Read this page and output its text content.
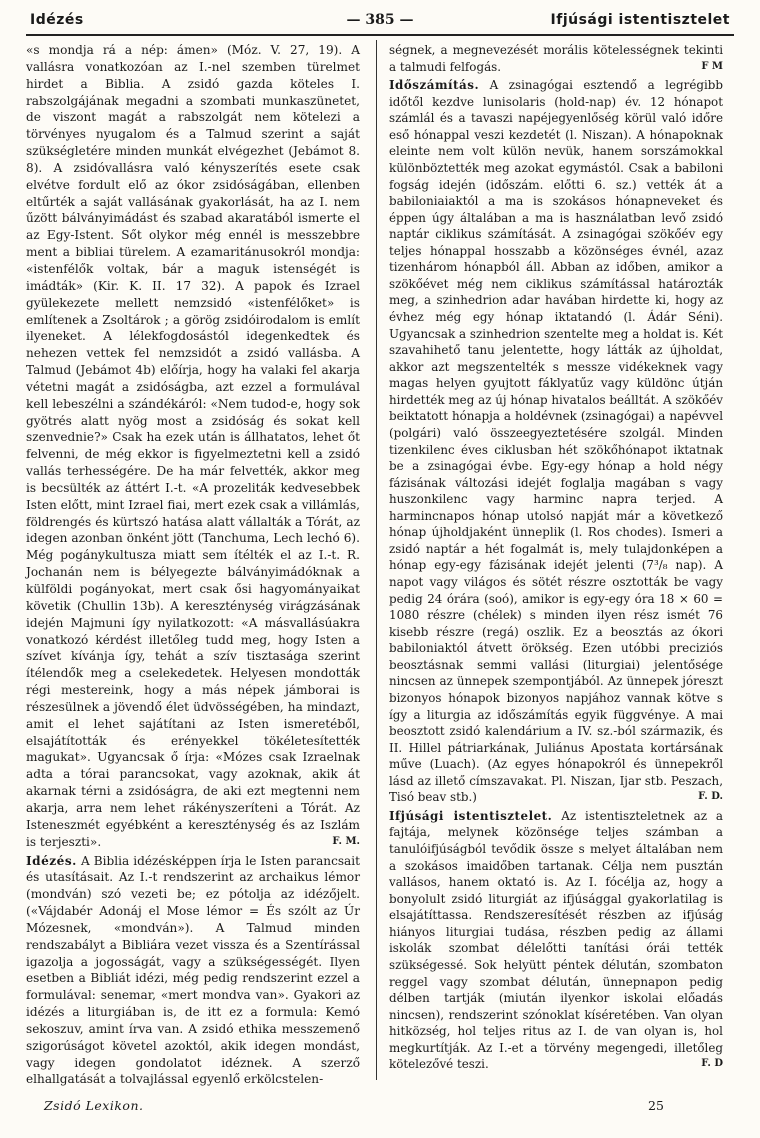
Idézés	— 385 —	Ifjúsági istentisztelet

«s mondja rá a nép: ámen» (Móz. V. 27, 19). A vallásra vonatkozóan az I.-nel szemben türelmet hirdet a Biblia. A zsidó gazda köteles I. rabszolgájának megadni a szombati munkaszünetet, de viszont magát a rabszolgát nem kötelezi a törvényes nyugalom és a Talmud szerint a saját szükségletére minden munkát elvégezhet (Jebámot 8. 8). A zsidóvallásra való kényszerítés esete csak elvétve fordult elő az ókor zsidóságában, ellenben eltűrték a saját vallásának gyakorlását, ha az I. nem űzött bálványimádást és szabad akaratából ismerte el az Egy-Istent. Sőt olykor még ennél is messzebbre ment a bibliai türelem. A ezamaritánusokról mondja: «istenfélők voltak, bár a maguk istenségét is imádták» (Kir. K. II. 17 32). A papok és Izrael gyülekezete mellett nemzsidó «istenfélőket» is említenek a Zsoltárok ; a görög zsidóirodalom is említ ilyeneket. A lélekfogdosástól idegenkedtek és nehezen vettek fel nemzsidót a zsidó vallásba. A Talmud (Jebámot 4b) előírja, hogy ha valaki fel akarja vétetni magát a zsidóságba, azt ezzel a formulával kell lebeszélni a szándékáról: «Nem tudod-e, hogy sok gyötrés alatt nyög most a zsidóság és sokat kell szenvednie?» Csak ha ezek után is állhatatos, lehet őt felvenni, de még ekkor is figyelmeztetni kell a zsidó vallás terhességére. De ha már felvették, akkor meg is becsülték az áttért I.-t. «A prozeliták kedvesebbek Isten előtt, mint Izrael fiai, mert ezek csak a villámlás, földrengés és kürtszó hatása alatt vállalták a Tórát, az idegen azonban önként jött (Tanchuma, Lech lechó 6). Még pogánykultusza miatt sem ítélték el az I.-t. R. Jochanán nem is bélyegezte bálványimádóknak a külföldi pogányokat, mert csak ősi hagyományaikat követik (Chullin 13b). A kereszténység virágzásának idején Majmuni így nyilatkozott: «A másvallásúakra vonatkozó kérdést illetőleg tudd meg, hogy Isten a szívet kívánja így, tehát a szív tisztasága szerint ítélendők meg a cselekedetek. Helyesen mondották régi mestereink, hogy a más népek jámborai is részesülnek a jövendő élet üdvösségében, ha mindazt, amit el lehet sajátítani az Isten ismeretéből, elsajátították és erényekkel tökéletesítették magukat». Ugyancsak ő írja: «Mózes csak Izraelnak adta a tórai parancsokat, vagy azoknak, akik át akarnak térni a zsidóságra, de aki ezt megtenni nem akarja, arra nem lehet rákényszeríteni a Tórát. Az Isteneszmét egyébként a kereszténység és az Iszlám is terjeszti».	F. M.

Idézés. A Biblia idézésképpen írja le Isten parancsait és utasításait. Az I.-t rendszerint az archaikus lémor (mondván) szó vezeti be; ez pótolja az idézőjelt. («Vájdabér Adonáj el Mose lémor = És szólt az Úr Mózesnek, «mondván»). A Talmud minden rendszabályt a Bibliára vezet vissza és a Szentírással igazolja a jogosságát, vagy a szükségességét. Ilyen esetben a Bibliát idézi, még pedig rendszerint ezzel a formulával: senemar, «mert mondva van». Gyakori az idézés a liturgiában is, de itt ez a formula: Kemó sekoszuv, amint írva van. A zsidó ethika messzemenő szigorúságot követel azoktól, akik idegen mondást, vagy idegen gondolatot idéznek. A szerző elhallgatását a tolvajlással egyenlő erkölcstelen-

ségnek, a megnevezését morális kötelességnek tekinti a talmudi felfogás.	F M

Időszámítás. A zsinagógai esztendő a legrégibb időtől kezdve lunisolaris (hold-nap) év. 12 hónapot számlál és a tavaszi napéjegyenlőség körül való időre eső hónappal veszi kezdetét (l. Niszan). A hónapoknak eleinte nem volt külön nevük, hanem sorszámokkal különböztették meg azokat egymástól. Csak a babiloni fogság idején (időszám. előtti 6. sz.) vették át a babiloniaiaktól a ma is szokásos hónapneveket és éppen úgy általában a ma is használatban levő zsidó naptár ciklikus számítását. A zsinagógai szökőév egy teljes hónappal hosszabb a közönséges évnél, azaz tizenhárom hónapból áll. Abban az időben, amikor a szökőévet még nem ciklikus számítással határozták meg, a szinhedrion adar havában hirdette ki, hogy az évhez még egy hónap iktatandó (l. Ádár Séni). Ugyancsak a szinhedrion szentelte meg a holdat is. Két szavahihető tanu jelentette, hogy látták az újholdat, akkor azt megszentelték s messze vidékeknek vagy magas helyen gyujtott fáklyatűz vagy küldönc útján hirdették meg az új hónap hivatalos beálltát. A szökőév beiktatott hónapja a holdévnek (zsinagógai) a napévvel (polgári) való összeegyeztetésére szolgál. Minden tizenkilenc éves ciklusban hét szökőhónapot iktatnak be a zsinagógai évbe. Egy-egy hónap a hold négy fázisának változási idejét foglalja magában s vagy huszonkilenc vagy harminc napra terjed. A harmincnapos hónap utolsó napját már a következő hónap újholdjaként ünneplik (l. Ros chodes). Ismeri a zsidó naptár a hét fogalmát is, mely tulajdonképen a hónap egy-egy fázisának idejét jelenti (7³/₈ nap). A napot vagy világos és sötét részre osztották be vagy pedig 24 órára (soó), amikor is egy-egy óra 18 × 60 = 1080 részre (chélek) s minden ilyen rész ismét 76 kisebb részre (regá) oszlik. Ez a beosztás az ókori babiloniaktól átvett örökség. Ezen utóbbi preciziós beosztásnak semmi vallási (liturgiai) jelentősége nincsen az ünnepek szempontjából. Az ünnepek jóreszt bizonyos hónapok bizonyos napjához vannak kötve s így a liturgia az időszámítás egyik függvénye. A mai beosztott zsidó kalendárium a IV. sz.-ból származik, és II. Hillel pátriarkának, Juliánus Apostata kortársának műve (Luach). (Az egyes hónapokról és ünnepekről lásd az illető címszavakat. Pl. Niszan, Ijar stb. Peszach, Tisó beav stb.)	F. D.

Ifjúsági istentisztelet. Az istentiszteletnek az a fajtája, melynek közönsége teljes számban a tanulóifjúságból tevődik össze s melyet általában nem a szokásos imaidőben tartanak. Célja nem pusztán vallásos, hanem oktató is. Az I. fócélja az, hogy a bonyolult zsidó liturgiát az ifjúsággal gyakorlatilag is elsajátíttassa. Rendszeresítését részben az ifjúság hiányos liturgiai tudása, részben pedig az állami iskolák szombat délelőtti tanítási órái tették szükségessé. Sok helyütt péntek délután, szombaton reggel vagy szombat délután, ünnepnapon pedig délben tartják (miután ilyenkor iskolai előadás nincsen), rendszerint szónoklat kíséretében. Van olyan hitközség, hol teljes ritus az I. de van olyan is, hol megkurtítják. Az I.-et a törvény megengedi, illetőleg kötelezővé teszi.	F. D

Zsidó Lexikon.	25
